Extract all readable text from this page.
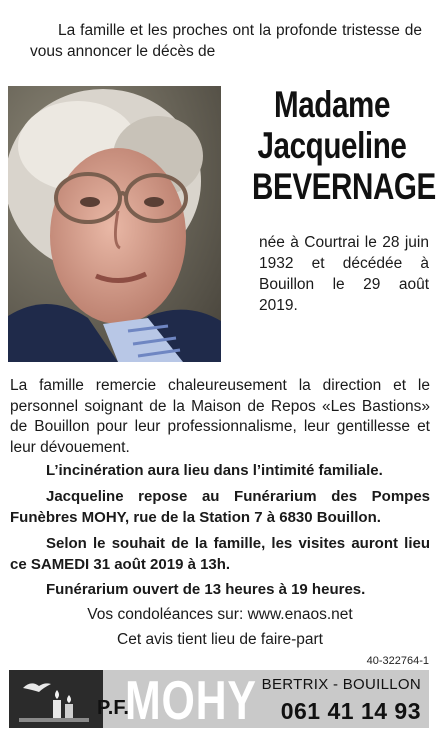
La famille et les proches ont la profonde tristesse de vous annoncer le décès de
Madame
Jacqueline
BEVERNAGE
née à Courtrai le 28 juin 1932 et décédée à Bouillon le 29 août 2019.
La famille remercie chaleureusement la direction et le personnel soignant de la Maison de Repos «Les Bastions» de Bouillon pour leur professionnalisme, leur gentillesse et leur dévouement.
L’incinération aura lieu dans l’intimité familiale.
Jacqueline repose au Funérarium des Pompes Funèbres MOHY, rue de la Station 7 à 6830 Bouillon.
Selon le souhait de la famille, les visites auront lieu ce SAMEDI 31 août 2019 à 13h.
Funérarium ouvert de 13 heures à 19 heures.
Vos condoléances sur: www.enaos.net
Cet avis tient lieu de faire-part
40-322764-1
P.F.
MOHY BERTRIX - BOUILLON
061 41 14 93
